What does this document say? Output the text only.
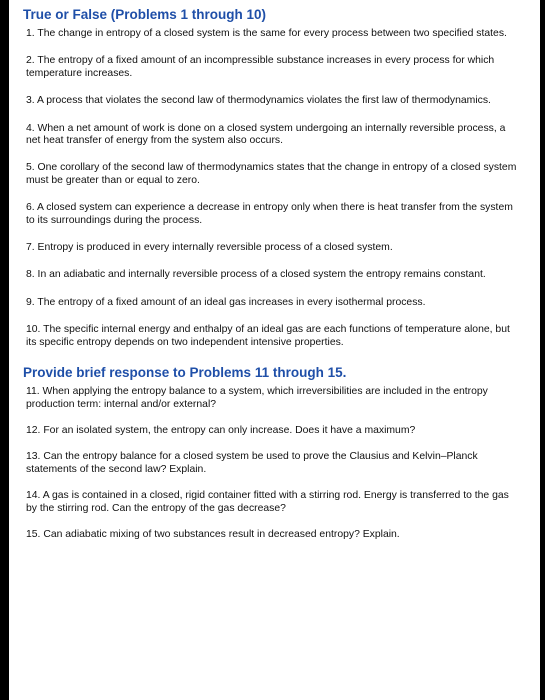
True or False (Problems 1 through 10)

1. The change in entropy of a closed system is the same for every process between two specified states.

2. The entropy of a fixed amount of an incompressible substance increases in every process for which temperature increases.

3. A process that violates the second law of thermodynamics violates the first law of thermodynamics.

4. When a net amount of work is done on a closed system undergoing an internally reversible process, a net heat transfer of energy from the system also occurs.

5. One corollary of the second law of thermodynamics states that the change in entropy of a closed system must be greater than or equal to zero.

6. A closed system can experience a decrease in entropy only when there is heat transfer from the system to its surroundings during the process.

7. Entropy is produced in every internally reversible process of a closed system.

8. In an adiabatic and internally reversible process of a closed system the entropy remains constant.

9. The entropy of a fixed amount of an ideal gas increases in every isothermal process.

10. The specific internal energy and enthalpy of an ideal gas are each functions of temperature alone, but its specific entropy depends on two independent intensive properties.

Provide brief response to Problems 11 through 15.

11. When applying the entropy balance to a system, which irreversibilities are included in the entropy production term: internal and/or external?

12. For an isolated system, the entropy can only increase. Does it have a maximum?

13. Can the entropy balance for a closed system be used to prove the Clausius and Kelvin–Planck statements of the second law? Explain.

14. A gas is contained in a closed, rigid container fitted with a stirring rod. Energy is transferred to the gas by the stirring rod. Can the entropy of the gas decrease?

15. Can adiabatic mixing of two substances result in decreased entropy? Explain.
